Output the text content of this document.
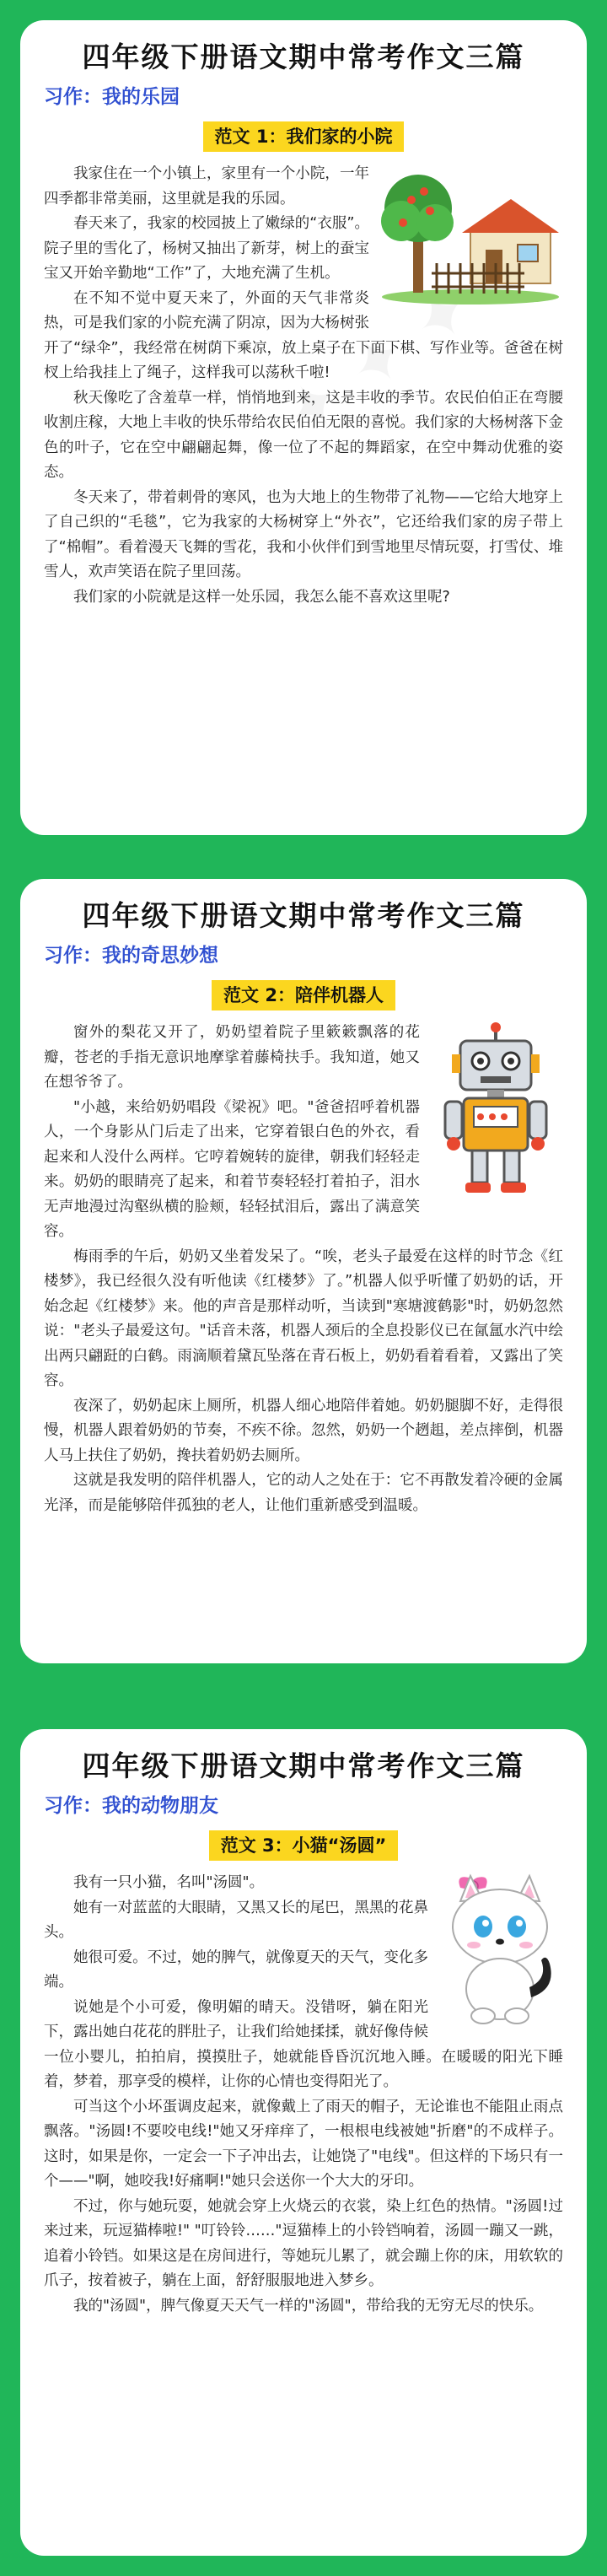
四年级下册语文期中常考作文三篇
习作：我的乐园
范文 1：我们家的小院

我家住在一个小镇上，家里有一个小院，一年四季都非常美丽，这里就是我的乐园。

春天来了，我家的校园披上了嫩绿的“衣服”。院子里的雪化了，杨树又抽出了新芽，树上的蚕宝宝又开始辛勤地“工作”了，大地充满了生机。

在不知不觉中夏天来了，外面的天气非常炎热，可是我们家的小院充满了阴凉，因为大杨树张开了“绿伞”，我经常在树荫下乘凉，放上桌子在下面下棋、写作业等。爸爸在树杈上给我挂上了绳子，这样我可以荡秋千啦!

秋天像吃了含羞草一样，悄悄地到来，这是丰收的季节。农民伯伯正在弯腰收割庄稼，大地上丰收的快乐带给农民伯伯无限的喜悦。我们家的大杨树落下金色的叶子，它在空中翩翩起舞，像一位了不起的舞蹈家，在空中舞动优雅的姿态。

冬天来了，带着刺骨的寒风，也为大地上的生物带了礼物——它给大地穿上了自己织的“毛毯”，它为我家的大杨树穿上“外衣”，它还给我们家的房子带上了“棉帽”。看着漫天飞舞的雪花，我和小伙伴们到雪地里尽情玩耍，打雪仗、堆雪人，欢声笑语在院子里回荡。

我们家的小院就是这样一处乐园，我怎么能不喜欢这里呢?

四年级下册语文期中常考作文三篇
习作：我的奇思妙想
范文 2：陪伴机器人

窗外的梨花又开了，奶奶望着院子里簌簌飘落的花瓣，苍老的手指无意识地摩挲着藤椅扶手。我知道，她又在想爷爷了。

"小越，来给奶奶唱段《梁祝》吧。"爸爸招呼着机器人，一个身影从门后走了出来，它穿着银白色的外衣，看起来和人没什么两样。它哼着婉转的旋律，朝我们轻轻走来。奶奶的眼睛亮了起来，和着节奏轻轻打着拍子，泪水无声地漫过沟壑纵横的脸颊，轻轻拭泪后，露出了满意笑容。

梅雨季的午后，奶奶又坐着发呆了。“唉，老头子最爱在这样的时节念《红楼梦》，我已经很久没有听他读《红楼梦》了。”机器人似乎听懂了奶奶的话，开始念起《红楼梦》来。他的声音是那样动听，当读到"寒塘渡鹤影"时，奶奶忽然说："老头子最爱这句。"话音未落，机器人颈后的全息投影仪已在氤氲水汽中绘出两只翩跹的白鹤。雨滴顺着黛瓦坠落在青石板上，奶奶看着看着，又露出了笑容。

夜深了，奶奶起床上厕所，机器人细心地陪伴着她。奶奶腿脚不好，走得很慢，机器人跟着奶奶的节奏，不疾不徐。忽然，奶奶一个趔趄，差点摔倒，机器人马上扶住了奶奶，搀扶着奶奶去厕所。

这就是我发明的陪伴机器人，它的动人之处在于：它不再散发着冷硬的金属光泽，而是能够陪伴孤独的老人，让他们重新感受到温暖。

四年级下册语文期中常考作文三篇
习作：我的动物朋友
范文 3：小猫“汤圆”

我有一只小猫，名叫"汤圆"。

她有一对蓝蓝的大眼睛，又黑又长的尾巴，黑黑的花鼻头。

她很可爱。不过，她的脾气，就像夏天的天气，变化多端。

说她是个小可爱，像明媚的晴天。没错呀，躺在阳光下，露出她白花花的胖肚子，让我们给她揉揉，就好像侍候一位小婴儿，拍拍肩，摸摸肚子，她就能昏昏沉沉地入睡。在暖暖的阳光下睡着，梦着，那享受的模样，让你的心情也变得阳光了。

可当这个小坏蛋调皮起来，就像戴上了雨天的帽子，无论谁也不能阻止雨点飘落。"汤圆!不要咬电线!"她又牙痒痒了，一根根电线被她"折磨"的不成样子。这时，如果是你，一定会一下子冲出去，让她饶了"电线"。但这样的下场只有一个——"啊，她咬我!好痛啊!"她只会送你一个大大的牙印。

不过，你与她玩耍，她就会穿上火烧云的衣裳，染上红色的热情。"汤圆!过来过来，玩逗猫棒啦!" "叮铃铃……"逗猫棒上的小铃铛响着，汤圆一蹦又一跳，追着小铃铛。如果这是在房间进行，等她玩儿累了，就会蹦上你的床，用软软的爪子，按着被子，躺在上面，舒舒服服地进入梦乡。

我的"汤圆"，脾气像夏天天气一样的"汤圆"，带给我的无穷无尽的快乐。
